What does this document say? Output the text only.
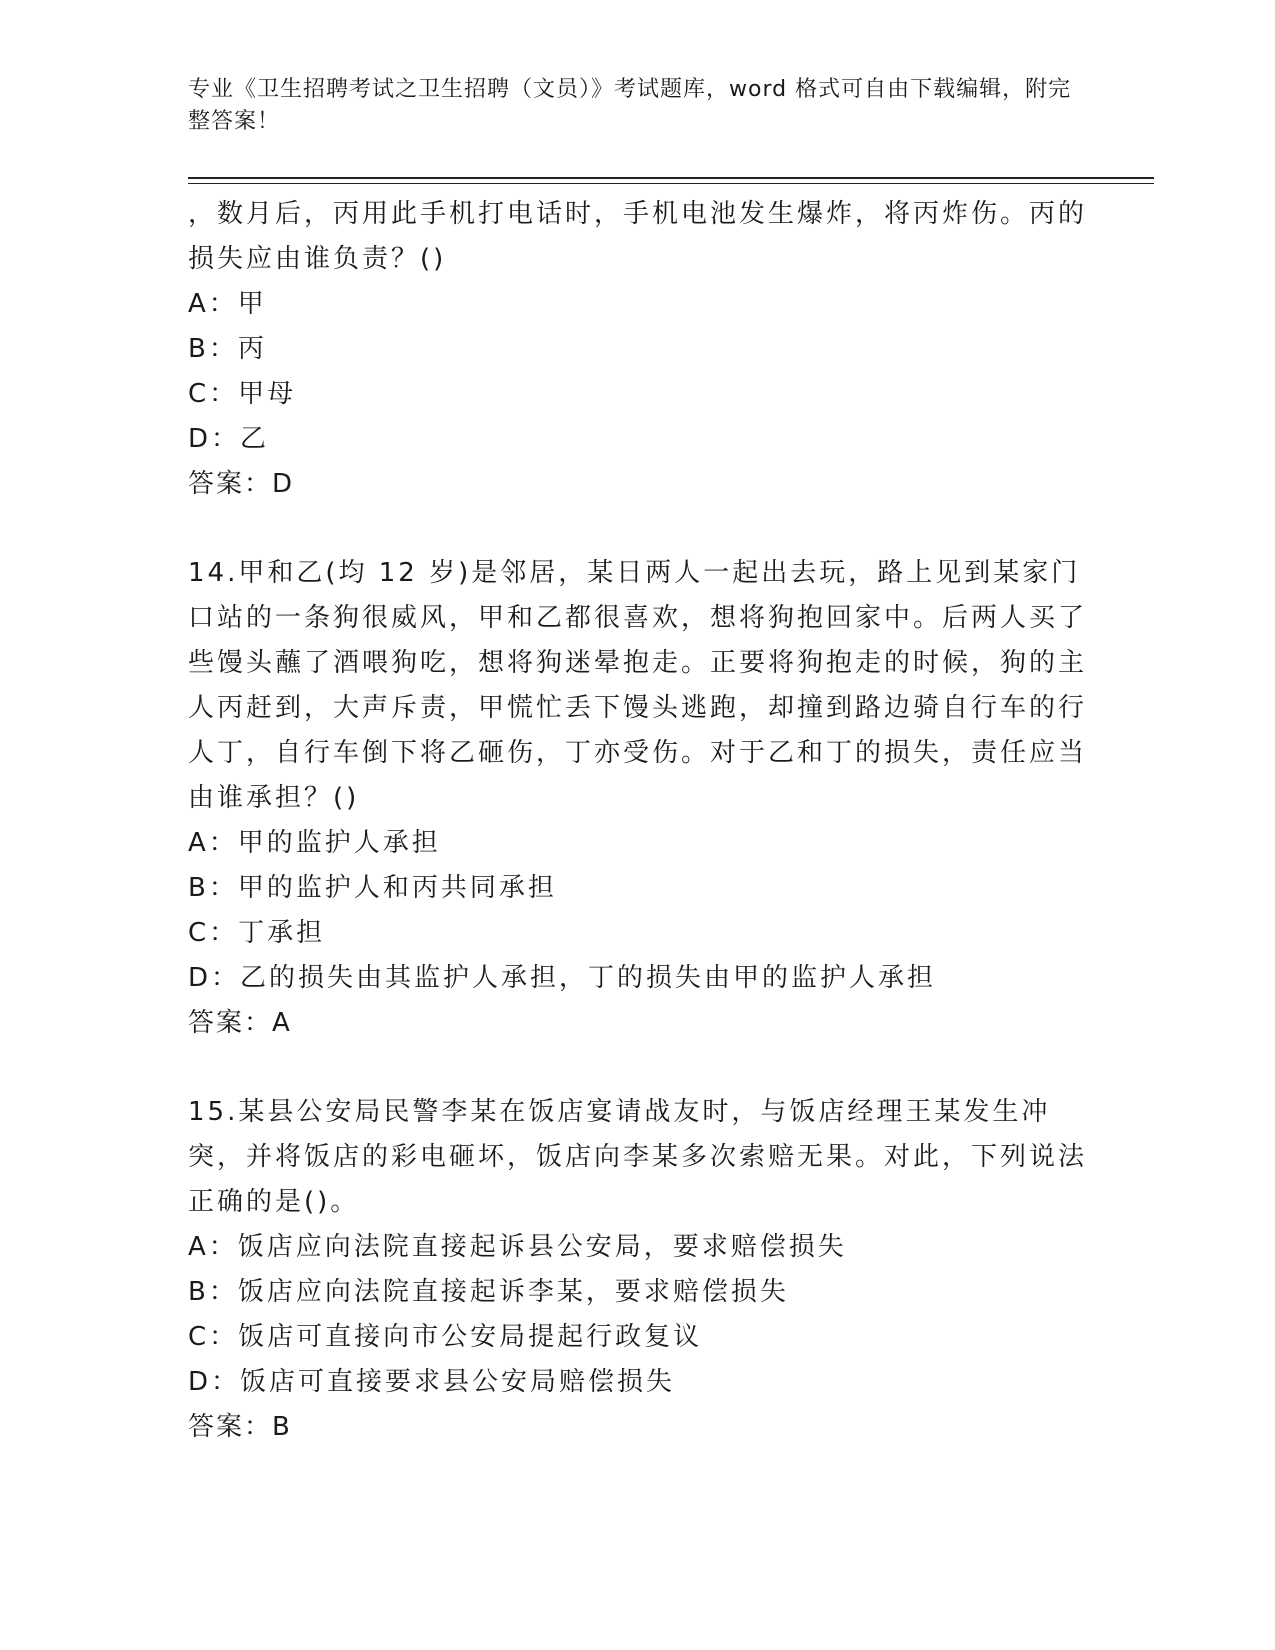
专业《卫生招聘考试之卫生招聘（文员）》考试题库，word 格式可自由下载编辑，附完整答案！

，数月后，丙用此手机打电话时，手机电池发生爆炸，将丙炸伤。丙的损失应由谁负责？()

A：甲

B：丙

C：甲母

D：乙

答案：D

14.甲和乙(均 12 岁)是邻居，某日两人一起出去玩，路上见到某家门口站的一条狗很威风，甲和乙都很喜欢，想将狗抱回家中。后两人买了些馒头蘸了酒喂狗吃，想将狗迷晕抱走。正要将狗抱走的时候，狗的主人丙赶到，大声斥责，甲慌忙丢下馒头逃跑，却撞到路边骑自行车的行人丁，自行车倒下将乙砸伤，丁亦受伤。对于乙和丁的损失，责任应当由谁承担？()

A：甲的监护人承担

B：甲的监护人和丙共同承担

C：丁承担

D：乙的损失由其监护人承担，丁的损失由甲的监护人承担

答案：A

15.某县公安局民警李某在饭店宴请战友时，与饭店经理王某发生冲突，并将饭店的彩电砸坏，饭店向李某多次索赔无果。对此，下列说法正确的是()。

A：饭店应向法院直接起诉县公安局，要求赔偿损失

B：饭店应向法院直接起诉李某，要求赔偿损失

C：饭店可直接向市公安局提起行政复议

D：饭店可直接要求县公安局赔偿损失

答案：B
